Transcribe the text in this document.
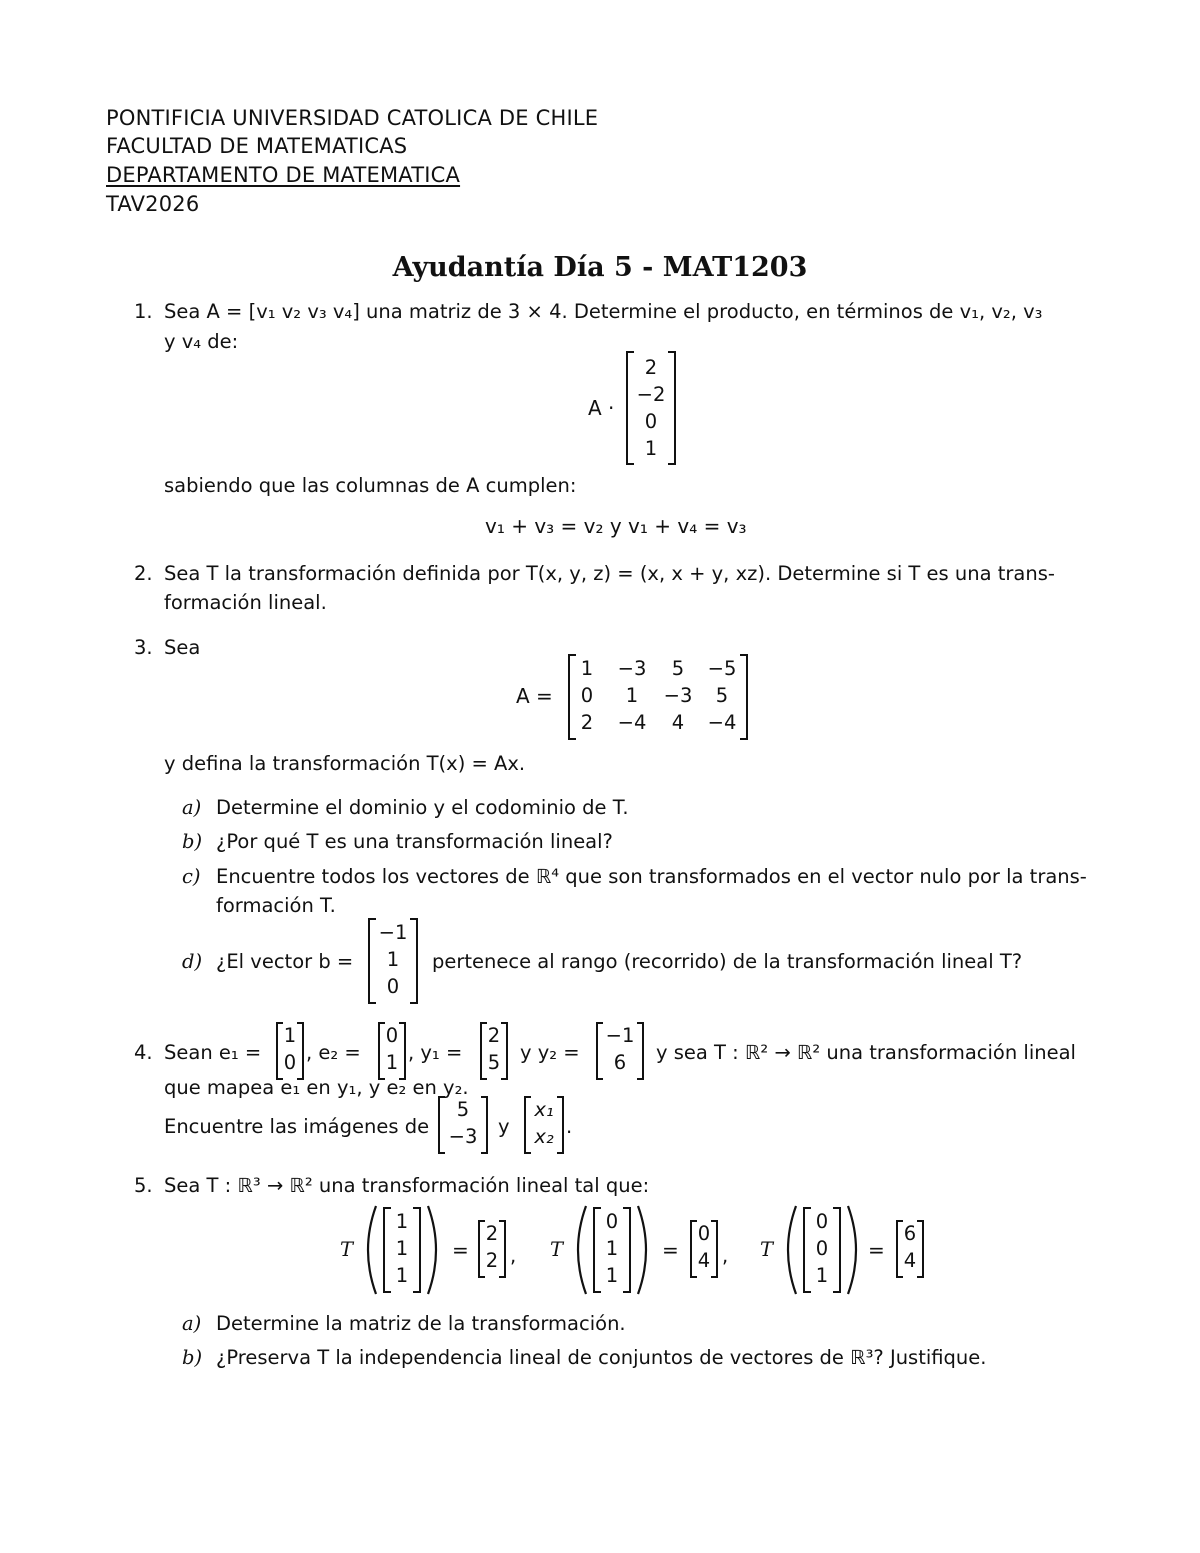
PONTIFICIA UNIVERSIDAD CATOLICA DE CHILE
FACULTAD DE MATEMATICAS
DEPARTAMENTO DE MATEMATICA
TAV2026
Ayudantía Día 5 - MAT1203
1. Sea A = [v₁ v₂ v₃ v₄] una matriz de 3 × 4. Determine el producto, en términos de v₁, v₂, v₃
y v₄ de:
A ·
2
−2
0
1
sabiendo que las columnas de A cumplen:
v₁ + v₃ = v₂ y v₁ + v₄ = v₃
2. Sea T la transformación definida por T(x, y, z) = (x, x + y, xz). Determine si T es una trans-
formación lineal.
3. Sea
A =
1	−3	5	−5
0	1	−3	5
2	−4	4	−4
y defina la transformación T(x) = Ax.
a) Determine el dominio y el codominio de T.
b) ¿Por qué T es una transformación lineal?
c) Encuentre todos los vectores de ℝ⁴ que son transformados en el vector nulo por la trans-
formación T.
d) ¿El vector b =
−1
1
0
pertenece al rango (recorrido) de la transformación lineal T?
4. Sean e₁ =
1
0 , e₂ =
0
1 , y₁ =
2
5	y y₂ =
−1
6	y sea T : ℝ² → ℝ² una transformación lineal
que mapea e₁ en y₁, y e₂ en y₂.
Encuentre las imágenes de
5
−3	y
x₁
x₂ .
5. Sea T : ℝ³ → ℝ² una transformación lineal tal que:
T
1
1
1
=
2
2 , T
0
1
1
=
0
4 , T
0
0
1
=
6
4
a) Determine la matriz de la transformación.
b) ¿Preserva T la independencia lineal de conjuntos de vectores de ℝ³? Justifique.
